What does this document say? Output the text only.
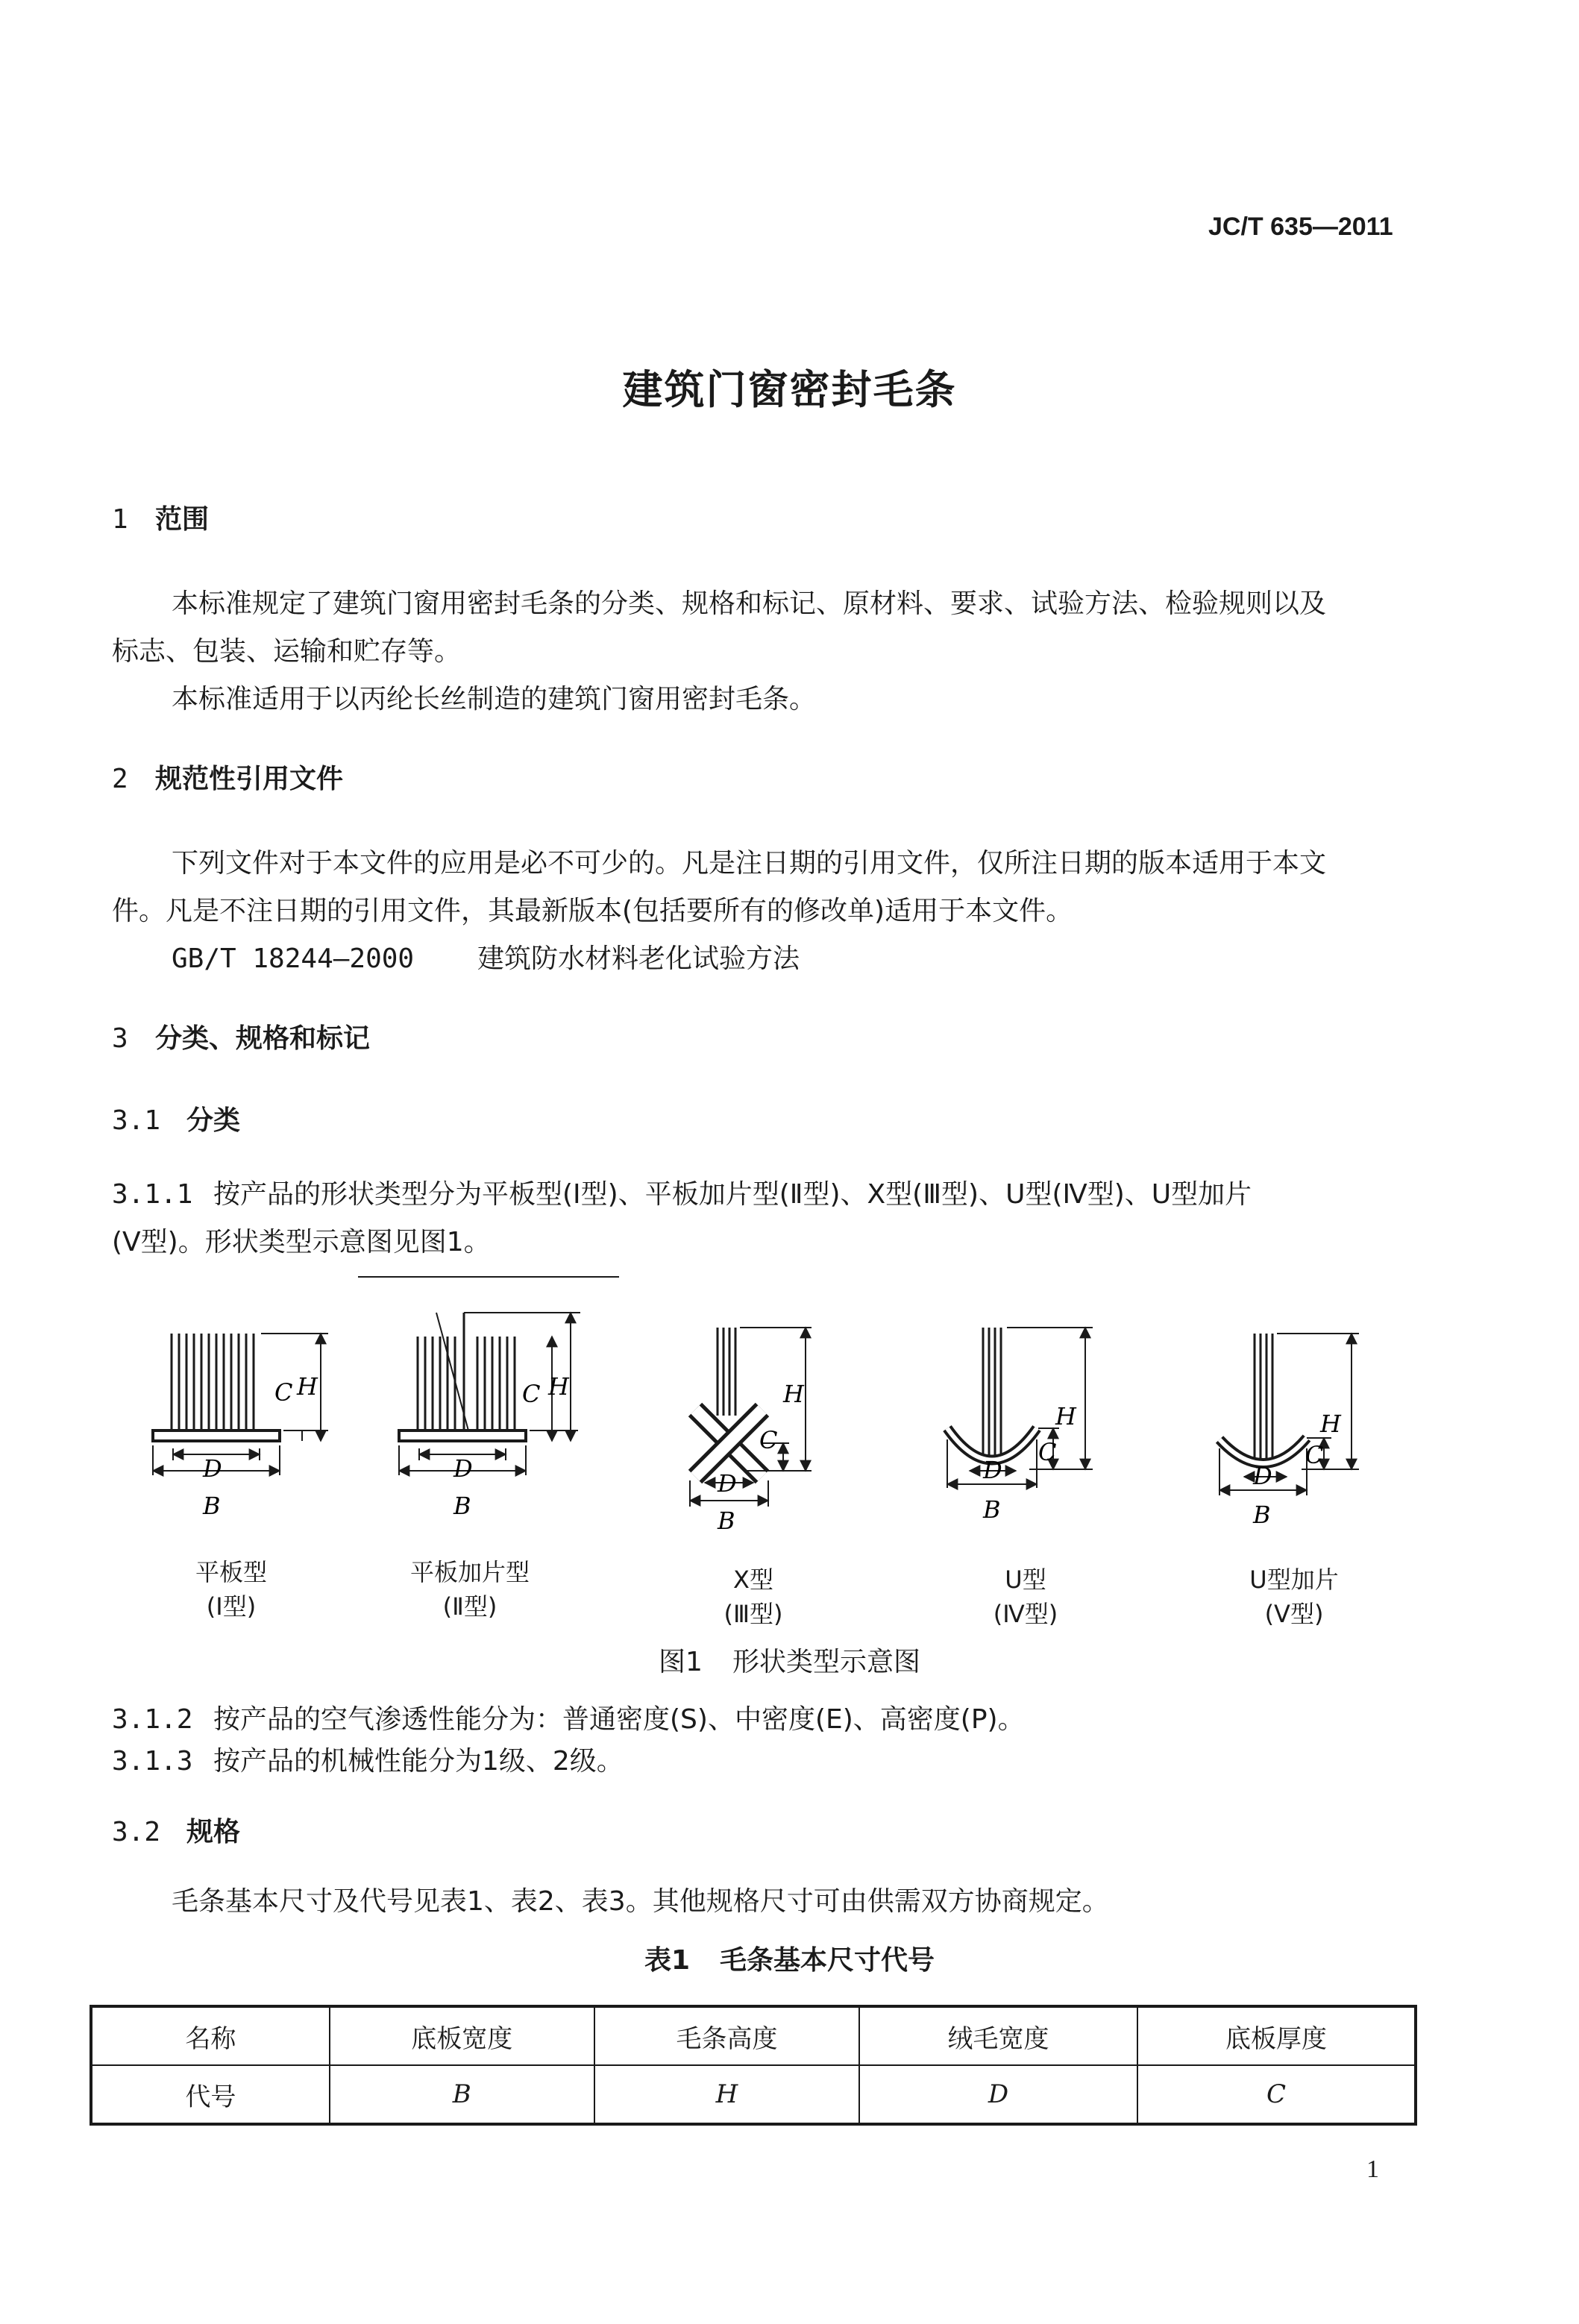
JC/T 635—2011
建筑门窗密封毛条
1 范围
本标准规定了建筑门窗用密封毛条的分类、规格和标记、原材料、要求、试验方法、检验规则以及
标志、包装、运输和贮存等。
本标准适用于以丙纶长丝制造的建筑门窗用密封毛条。
2 规范性引用文件
下列文件对于本文件的应用是必不可少的。凡是注日期的引用文件，仅所注日期的版本适用于本文
件。凡是不注日期的引用文件，其最新版本(包括要所有的修改单)适用于本文件。
GB/T 18244—2000 建筑防水材料老化试验方法
3 分类、规格和标记
3.1 分类
3.1.1 按产品的形状类型分为平板型(Ⅰ型)、平板加片型(Ⅱ型)、X型(Ⅲ型)、U型(Ⅳ型)、U型加片
(Ⅴ型)。形状类型示意图见图1。
C H
D
B
C H
D
B
H
C
D
B
H
C
D
B
H
C
D
B
平板型
(Ⅰ型)
平板加片型
(Ⅱ型)
X型
(Ⅲ型)
U型
(Ⅳ型)
U型加片
(Ⅴ型)
图1 形状类型示意图
3.1.2 按产品的空气渗透性能分为：普通密度(S)、中密度(E)、高密度(P)。
3.1.3 按产品的机械性能分为1级、2级。
3.2 规格
毛条基本尺寸及代号见表1、表2、表3。其他规格尺寸可由供需双方协商规定。
表1 毛条基本尺寸代号
名称	底板宽度	毛条高度	绒毛宽度	底板厚度
代号	B	H	D	C
1
